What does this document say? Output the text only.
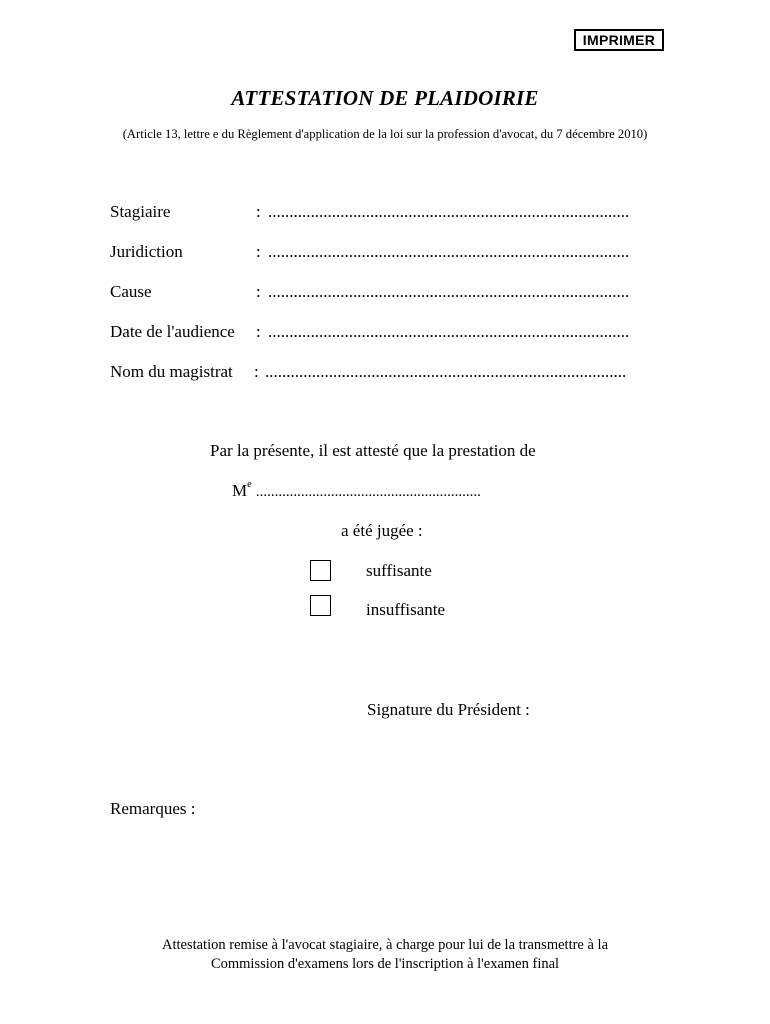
IMPRIMER
ATTESTATION DE PLAIDOIRIE
(Article 13, lettre e du Règlement d'application de la loi sur la profession d'avocat, du 7 décembre 2010)
Stagiaire	: .....................................................................................
Juridiction	: .....................................................................................
Cause	: .....................................................................................
Date de l'audience : .....................................................................................
Nom du magistrat : .....................................................................................
Par la présente, il est attesté que la prestation de
Me ............................................................
a été jugée :
suffisante
insuffisante
Signature du Président :
Remarques :
Attestation remise à l'avocat stagiaire, à charge pour lui de la transmettre à la
Commission d'examens lors de l'inscription à l'examen final
